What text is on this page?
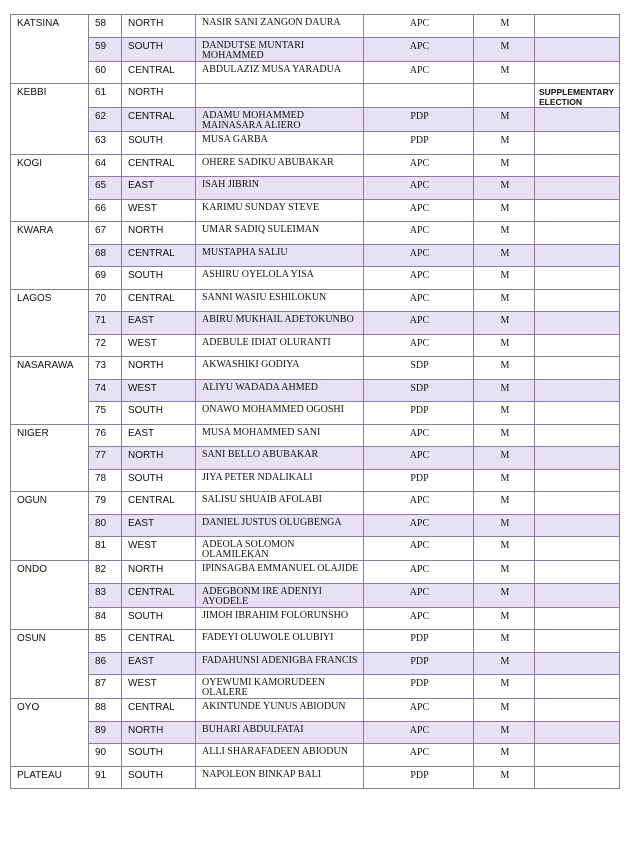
KATSINA	58	NORTH	NASIR SANI ZANGON DAURA	APC	M	
	59	SOUTH	DANDUTSE MUNTARI MOHAMMED	APC	M	
	60	CENTRAL	ABDULAZIZ MUSA YARADUA	APC	M	
KEBBI	61	NORTH				SUPPLEMENTARY ELECTION
	62	CENTRAL	ADAMU MOHAMMED MAINASARA ALIERO	PDP	M	
	63	SOUTH	MUSA GARBA	PDP	M	
KOGI	64	CENTRAL	OHERE SADIKU ABUBAKAR	APC	M	
	65	EAST	ISAH JIBRIN	APC	M	
	66	WEST	KARIMU SUNDAY STEVE	APC	M	
KWARA	67	NORTH	UMAR SADIQ SULEIMAN	APC	M	
	68	CENTRAL	MUSTAPHA SALIU	APC	M	
	69	SOUTH	ASHIRU OYELOLA YISA	APC	M	
LAGOS	70	CENTRAL	SANNI WASIU ESHILOKUN	APC	M	
	71	EAST	ABIRU MUKHAIL ADETOKUNBO	APC	M	
	72	WEST	ADEBULE IDIAT OLURANTI	APC	M	
NASARAWA	73	NORTH	AKWASHIKI GODIYA	SDP	M	
	74	WEST	ALIYU WADADA AHMED	SDP	M	
	75	SOUTH	ONAWO MOHAMMED OGOSHI	PDP	M	
NIGER	76	EAST	MUSA MOHAMMED SANI	APC	M	
	77	NORTH	SANI BELLO ABUBAKAR	APC	M	
	78	SOUTH	JIYA PETER NDALIKALI	PDP	M	
OGUN	79	CENTRAL	SALISU SHUAIB AFOLABI	APC	M	
	80	EAST	DANIEL JUSTUS OLUGBENGA	APC	M	
	81	WEST	ADEOLA SOLOMON OLAMILEKAN	APC	M	
ONDO	82	NORTH	IPINSAGBA EMMANUEL OLAJIDE	APC	M	
	83	CENTRAL	ADEGBONM IRE ADENIYI AYODELE	APC	M	
	84	SOUTH	JIMOH IBRAHIM FOLORUNSHO	APC	M	
OSUN	85	CENTRAL	FADEYI OLUWOLE OLUBIYI	PDP	M	
	86	EAST	FADAHUNSI ADENIGBA FRANCIS	PDP	M	
	87	WEST	OYEWUMI KAMORUDEEN OLALERE	PDP	M	
OYO	88	CENTRAL	AKINTUNDE YUNUS ABIODUN	APC	M	
	89	NORTH	BUHARI ABDULFATAI	APC	M	
	90	SOUTH	ALLI SHARAFADEEN ABIODUN	APC	M	
PLATEAU	91	SOUTH	NAPOLEON BINKAP BALI	PDP	M	
